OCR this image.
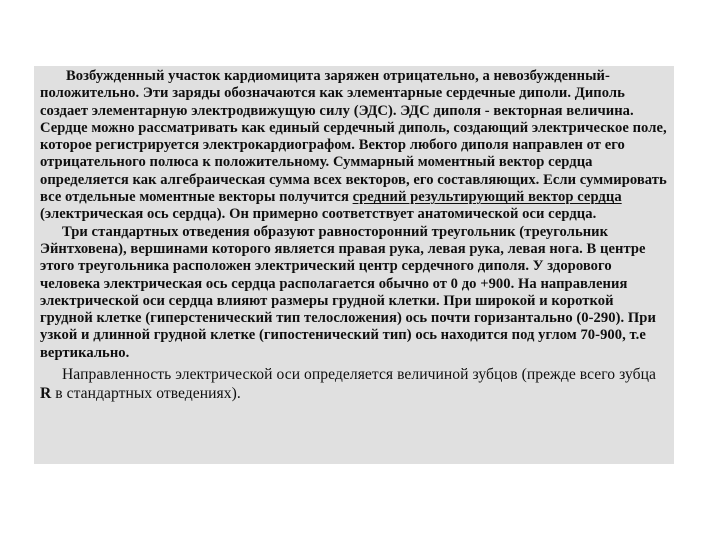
Возбужденный участок кардиомицита заряжен отрицательно, а невозбужденный- положительно. Эти заряды обозначаются как элементарные сердечные диполи. Диполь создает элементарную электродвижущую силу (ЭДС). ЭДС диполя - векторная величина. Сердце можно рассматривать как единый сердечный диполь, создающий электрическое поле, которое регистрируется электрокардиографом. Вектор любого диполя направлен от его отрицательного полюса к положительному. Суммарный моментный вектор сердца определяется как алгебраическая сумма всех векторов, его составляющих. Если суммировать все отдельные моментные векторы получится средний результирующий вектор сердца (электрическая ось сердца). Он примерно соответствует анатомической оси сердца.

Три стандартных отведения образуют равносторонний треугольник (треугольник Эйнтховена), вершинами которого является правая рука, левая рука, левая нога. В центре этого треугольника расположен электрический центр сердечного диполя. У здорового человека электрическая ось сердца располагается обычно от 0 до +900. На направления электрической оси сердца влияют размеры грудной клетки. При широкой и короткой грудной клетке (гиперстенический тип телосложения) ось почти горизантально (0-290). При узкой и длинной грудной клетке (гипостенический тип) ось находится под углом 70-900, т.е вертикально.

Направленность электрической оси определяется величиной зубцов (прежде всего зубца R в стандартных отведениях).
